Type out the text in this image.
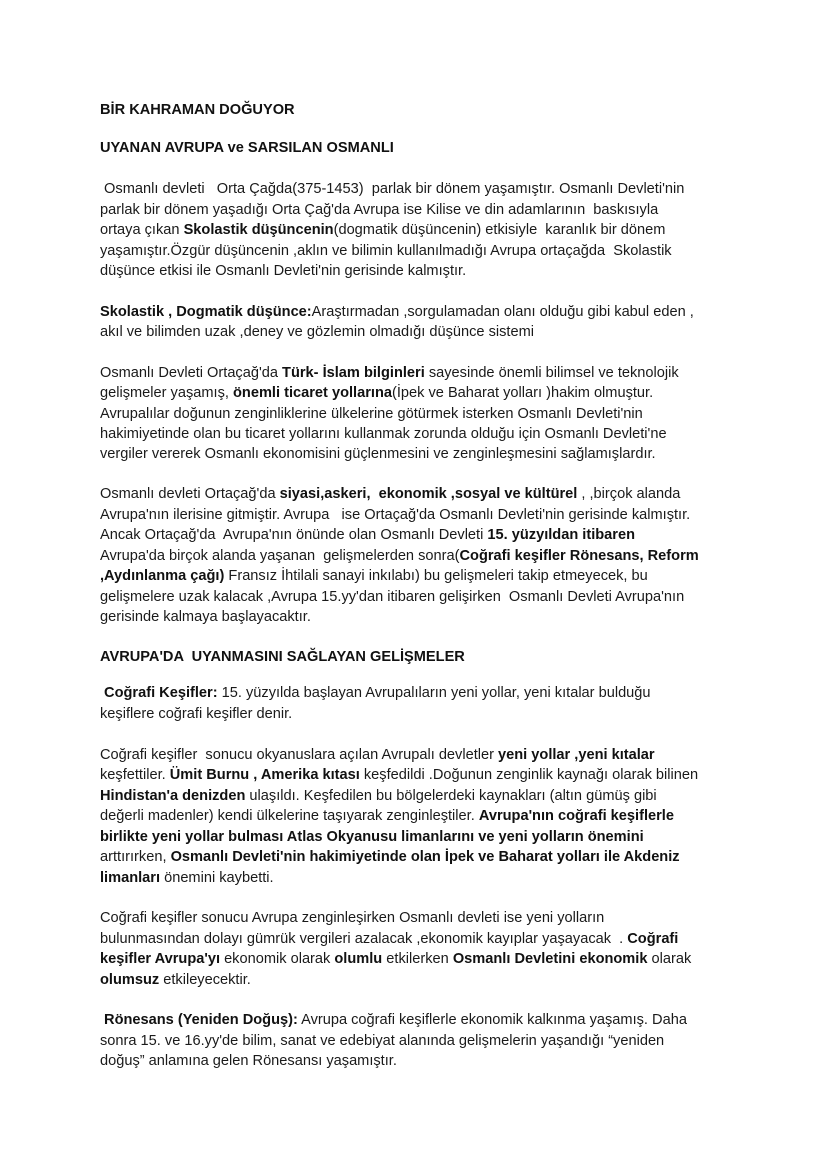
BİR KAHRAMAN DOĞUYOR
UYANAN AVRUPA ve SARSILAN OSMANLI
Osmanlı devleti   Orta Çağda(375-1453)  parlak bir dönem yaşamıştır. Osmanlı Devleti'nin
parlak bir dönem yaşadığı Orta Çağ'da Avrupa ise Kilise ve din adamlarının  baskısıyla
ortaya çıkan Skolastik düşüncenin(dogmatik düşüncenin) etkisiyle  karanlık bir dönem
yaşamıştır.Özgür düşüncenin ,aklın ve bilimin kullanılmadığı Avrupa ortaçağda  Skolastik
düşünce etkisi ile Osmanlı Devleti'nin gerisinde kalmıştır.
Skolastik , Dogmatik düşünce:Araştırmadan ,sorgulamadan olanı olduğu gibi kabul eden ,
akıl ve bilimden uzak ,deney ve gözlemin olmadığı düşünce sistemi
Osmanlı Devleti Ortaçağ'da Türk- İslam bilginleri sayesinde önemli bilimsel ve teknolojik
gelişmeler yaşamış, önemli ticaret yollarına(İpek ve Baharat yolları )hakim olmuştur.
Avrupalılar doğunun zenginliklerine ülkelerine götürmek isterken Osmanlı Devleti'nin
hakimiyetinde olan bu ticaret yollarını kullanmak zorunda olduğu için Osmanlı Devleti'ne
vergiler vererek Osmanlı ekonomisini güçlenmesini ve zenginleşmesini sağlamışlardır.
Osmanlı devleti Ortaçağ'da siyasi,askeri,  ekonomik ,sosyal ve kültürel , ,birçok alanda
Avrupa'nın ilerisine gitmiştir. Avrupa   ise Ortaçağ'da Osmanlı Devleti'nin gerisinde kalmıştır.
Ancak Ortaçağ'da  Avrupa'nın önünde olan Osmanlı Devleti 15. yüzyıldan itibaren
Avrupa'da birçok alanda yaşanan  gelişmelerden sonra(Coğrafi keşifler Rönesans, Reform
,Aydınlanma çağı) Fransız İhtilali sanayi inkılabı) bu gelişmeleri takip etmeyecek, bu
gelişmelere uzak kalacak ,Avrupa 15.yy'dan itibaren gelişirken  Osmanlı Devleti Avrupa'nın
gerisinde kalmaya başlayacaktır.
AVRUPA'DA  UYANMASINI SAĞLAYAN GELİŞMELER
Coğrafi Keşifler: 15. yüzyılda başlayan Avrupalıların yeni yollar, yeni kıtalar bulduğu
keşiflere coğrafi keşifler denir.
Coğrafi keşifler  sonucu okyanuslara açılan Avrupalı devletler yeni yollar ,yeni kıtalar
keşfettiler. Ümit Burnu , Amerika kıtası keşfedildi .Doğunun zenginlik kaynağı olarak bilinen
Hindistan'a denizden ulaşıldı. Keşfedilen bu bölgelerdeki kaynakları (altın gümüş gibi
değerli madenler) kendi ülkelerine taşıyarak zenginleştiler. Avrupa'nın coğrafi keşiflerle
birlikte yeni yollar bulması Atlas Okyanusu limanlarını ve yeni yolların önemini
arttırırken, Osmanlı Devleti'nin hakimiyetinde olan İpek ve Baharat yolları ile Akdeniz
limanları önemini kaybetti.
Coğrafi keşifler sonucu Avrupa zenginleşirken Osmanlı devleti ise yeni yolların
bulunmasından dolayı gümrük vergileri azalacak ,ekonomik kayıplar yaşayacak  . Coğrafi
keşifler Avrupa'yı ekonomik olarak olumlu etkilerken Osmanlı Devletini ekonomik olarak
olumsuz etkileyecektir.
Rönesans (Yeniden Doğuş): Avrupa coğrafi keşiflerle ekonomik kalkınma yaşamış. Daha
sonra 15. ve 16.yy'de bilim, sanat ve edebiyat alanında gelişmelerin yaşandığı “yeniden
doğuş” anlamına gelen Rönesansı yaşamıştır.
